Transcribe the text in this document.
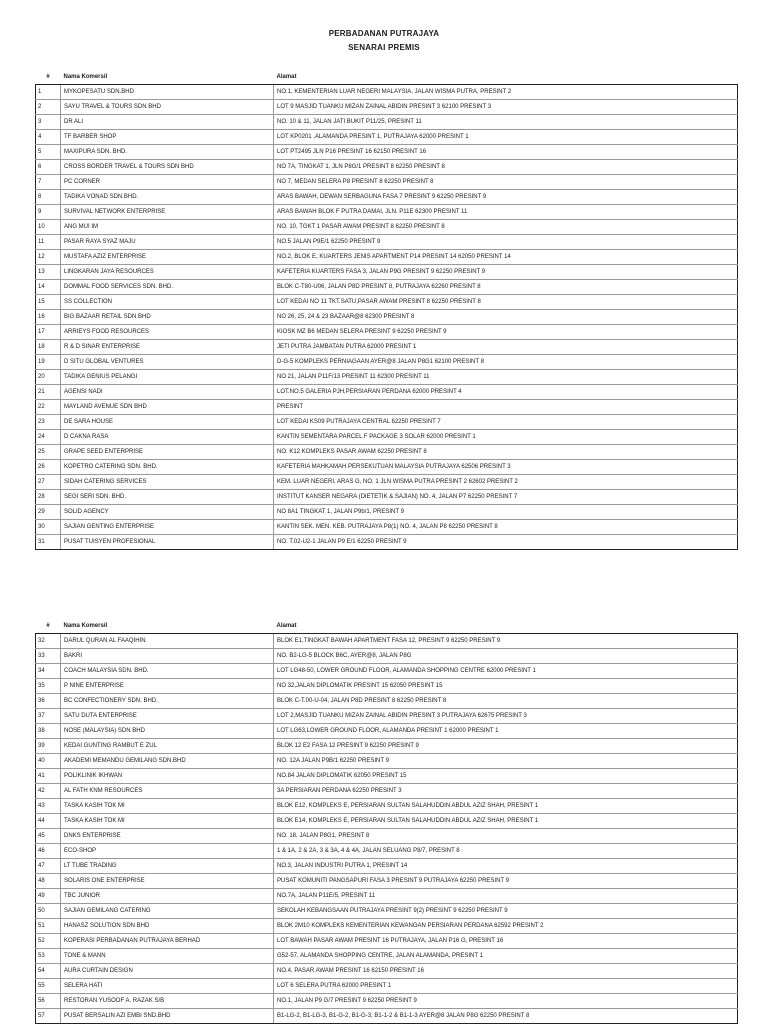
PERBADANAN PUTRAJAYA
SENARAI PREMIS
#	Nama Komersil	Alamat
1	MYKOPESATU SDN.BHD	NO.1, KEMENTERIAN LUAR NEGERI MALAYSIA, JALAN WISMA PUTRA, PRESINT 2
2	SAYU TRAVEL & TOURS SDN BHD	LOT 9 MASJID TUANKU MIZAN ZAINAL ABIDIN PRESINT 3 62100 PRESINT 3
3	DR ALI	NO. 10 & 11, JALAN JATI BUKIT P11/25, PRESINT 11
4	TF BARBER SHOP	LOT KP0201 ,ALAMANDA PRESINT 1, PUTRAJAYA 62000 PRESINT 1
5	MAXIPURA SDN. BHD.	LOT PT2495 JLN P16 PRESINT 16 62150 PRESINT 16
6	CROSS BORDER TRAVEL & TOURS SDN BHD	NO 7A, TINGKAT 1, JLN P8G/1 PRESINT 8 62250 PRESINT 8
7	PC CORNER	NO 7, MEDAN SELERA P8 PRESINT 8 62250 PRESINT 8
8	TADIKA VONAD SDN.BHD.	ARAS BAWAH, DEWAN SERBAGUNA FASA 7 PRESINT 9 62250 PRESINT 9
9	SURVIVAL NETWORK ENTERPRISE	ARAS BAWAH BLOK F PUTRA DAMAI, JLN. P11E 62300 PRESINT 11
10	ANG MUI IM	NO. 10, TGKT 1 PASAR AWAM PRESINT 8 62250 PRESINT 8
11	PASAR RAYA SYAZ MAJU	NO.5 JALAN P9E/1 62250 PRESINT 9
12	MUSTAFA AZIZ ENTERPRISE	NO.2, BLOK E, KUARTERS JENIS APARTMENT P14 PRESINT 14 62050 PRESINT 14
13	LINGKARAN JAYA RESOURCES	KAFETERIA KUARTERS FASA 3, JALAN P9G PRESINT 9 62250 PRESINT 9
14	DOMMAL FOOD SERVICES SDN. BHD.	BLOK C-T80-U06, JALAN P8D PRESINT 8, PUTRAJAYA 62260 PRESINT 8
15	SS COLLECTION	LOT KEDAI NO 11 TKT.SATU,PASAR AWAM PRESINT 8 62250 PRESINT 8
16	BIG BAZAAR RETAIL SDN BHD	NO 26, 25, 24 & 23 BAZAAR@8 62300 PRESINT 8
17	ARRIEYS FOOD RESOURCES	KIOSK MZ B6 MEDAN SELERA PRESINT 9 62250 PRESINT 9
18	R & D SINAR ENTERPRISE	JETI PUTRA JAMBATAN PUTRA 62000 PRESINT 1
19	D SITU GLOBAL VENTURES	D-G-5 KOMPLEKS PERNIAGAAN AYER@8 JALAN P8G1 62100 PRESINT 8
20	TADIKA GENIUS PELANGI	NO 21, JALAN P11F/13 PRESINT 11 62300 PRESINT 11
21	AGENSI NADI	LOT.NO.5 GALERIA PJH,PERSIARAN PERDANA 62000 PRESINT 4
22	MAYLAND AVENUE SDN BHD	PRESINT
23	DE SARA HOUSE	LOT KEDAI KS09 PUTRAJAYA CENTRAL 62250 PRESINT 7
24	D CAKNA RASA	KANTIN SEMENTARA PARCEL F PACKAGE 3 SOLAR 62000 PRESINT 1
25	GRAPE SEED ENTERPRISE	NO. K12 KOMPLEKS PASAR AWAM 62250 PRESINT 8
26	KOPETRO CATERING SDN. BHD.	KAFETERIA MAHKAMAH PERSEKUTUAN MALAYSIA PUTRAJAYA 62506 PRESINT 3
27	SIDAH CATERING SERVICES	KEM. LUAR NEGERI, ARAS G, NO. 1 JLN WISMA PUTRA PRESINT 2 62602 PRESINT 2
28	SEGI SERI SDN. BHD.	INSTITUT KANSER NEGARA (DIETETIK & SAJIAN) NO. 4, JALAN P7 62250 PRESINT 7
29	SOLID AGENCY	NO 8A1 TINGKAT 1, JALAN P9b/1, PRESINT 9
30	SAJIAN GENTING ENTERPRISE	KANTIN SEK. MEN. KEB. PUTRAJAYA P8(1) NO. 4, JALAN P8 62250 PRESINT 8
31	PUSAT TUISYEN PROFESIONAL	NO. T.02-U2-1 JALAN P9 E/1 62250 PRESINT 9
#	Nama Komersil	Alamat
32	DARUL QURAN AL FAAQIHIN	BLOK E1,TINGKAT BAWAH APARTMENT FASA 12, PRESINT 9 62250 PRESINT 9
33	BAKRI	NO. B2-LG-5 BLOCK B6C, AYER@8, JALAN P8G
34	COACH MALAYSIA SDN. BHD.	LOT LG48-50, LOWER GROUND FLOOR, ALAMANDA SHOPPING CENTRE 62000 PRESINT 1
35	P NINE ENTERPRISE	NO 32,JALAN DIPLOMATIK PRESINT 15 62050 PRESINT 15
36	BC CONFECTIONERY SDN. BHD.	BLOK C-T.00-U-04, JALAN P8D PRESINT 8 62250 PRESINT 8
37	SATU DUTA ENTERPRISE	LOT 2,MASJID TUANKU MIZAN ZAINAL ABIDIN PRESINT 3 PUTRAJAYA 62675 PRESINT 3
38	NOSE (MALAYSIA) SDN BHD	LOT LG63,LOWER GROUND FLOOR, ALAMANDA PRESINT 1 62000 PRESINT 1
39	KEDAI GUNTING RAMBUT E ZUL	BLOK 12 E2 FASA 12 PRESINT 9 62250 PRESINT 9
40	AKADEMI MEMANDU GEMILANG SDN.BHD	NO. 12A JALAN P9B/1 62250 PRESINT 9
41	POLIKLINIK IKHWAN	NO.84 JALAN DIPLOMATIK 62050 PRESINT 15
42	AL FATH KNM RESOURCES	3A PERSIARAN PERDANA 62250 PRESINT 3
43	TASKA KASIH TOK MI	BLOK E12, KOMPLEKS E, PERSIARAN SULTAN SALAHUDDIN ABDUL AZIZ SHAH, PRESINT 1
44	TASKA KASIH TOK MI	BLOK E14, KOMPLEKS E, PERSIARAN SULTAN SALAHUDDIN ABDUL AZIZ SHAH, PRESINT 1
45	DNKS ENTERPRISE	NO. 18, JALAN P8G1, PRESINT 8
46	ECO-SHOP	1 & 1A, 2 & 2A, 3 & 3A, 4 & 4A, JALAN SELUANG P8/7, PRESINT 8
47	LT TUBE TRADING	NO.3, JALAN INDUSTRI PUTRA 1, PRESINT 14
48	SOLARIS ONE ENTERPRISE	PUSAT KOMUNITI PANGSAPURI FASA 3 PRESINT 9 PUTRAJAYA 62250 PRESINT 9
49	TBC JUNIOR	NO.7A, JALAN P11E/5, PRESINT 11
50	SAJIAN GEMILANG CATERING	SEKOLAH KEBANGSAAN PUTRAJAYA PRESINT 9(2) PRESINT 9 62250 PRESINT 9
51	HANASZ SOLUTION SDN BHD	BLOK 2M10 KOMPLEKS KEMENTERIAN KEWANGAN PERSIARAN PERDANA 62592 PRESINT 2
52	KOPERASI PERBADANAN PUTRAJAYA BERHAD	LOT BAWAH PASAR AWAM PRESINT 16 PUTRAJAYA, JALAN P16 G, PRESINT 16
53	TONE & MANN	G52-57, ALAMANDA SHOPPING CENTRE, JALAN ALAMANDA, PRESINT 1
54	AURA CURTAIN DESIGN	NO.4, PASAR AWAM PRESINT 16 62150 PRESINT 16
55	SELERA HATI	LOT 6 SELERA PUTRA 62000 PRESINT 1
56	RESTORAN YUSOOF A. RAZAK S/B	NO.1, JALAN P9 G/7 PRESINT 9 62250 PRESINT 9
57	PUSAT BERSALIN AZI EMBI SND.BHD	B1-LG-2, B1-LG-3, B1-G-2, B1-G-3, B1-1-2 & B1-1-3 AYER@8 JALAN P8G 62250 PRESINT 8
